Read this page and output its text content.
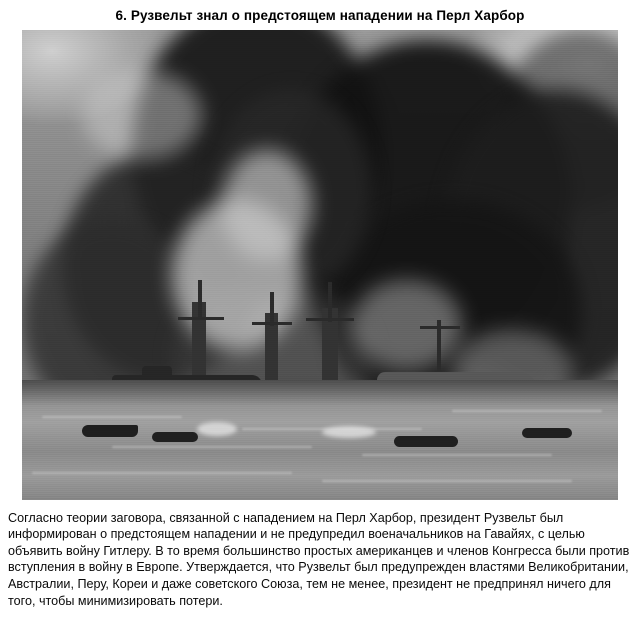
6. Рузвельт знал о предстоящем нападении на Перл Харбор
Согласно теории заговора, связанной с нападением на Перл Харбор, президент Рузвельт был информирован о предстоящем нападении и не предупредил военачальников на Гавайях, с целью объявить войну Гитлеру. В то время большинство простых американцев и членов Конгресса были против вступления в войну в Европе. Утверждается, что Рузвельт был предупрежден властями Великобритании, Австралии, Перу, Кореи и даже советского Союза, тем не менее, президент не предпринял ничего для того, чтобы минимизировать потери.
